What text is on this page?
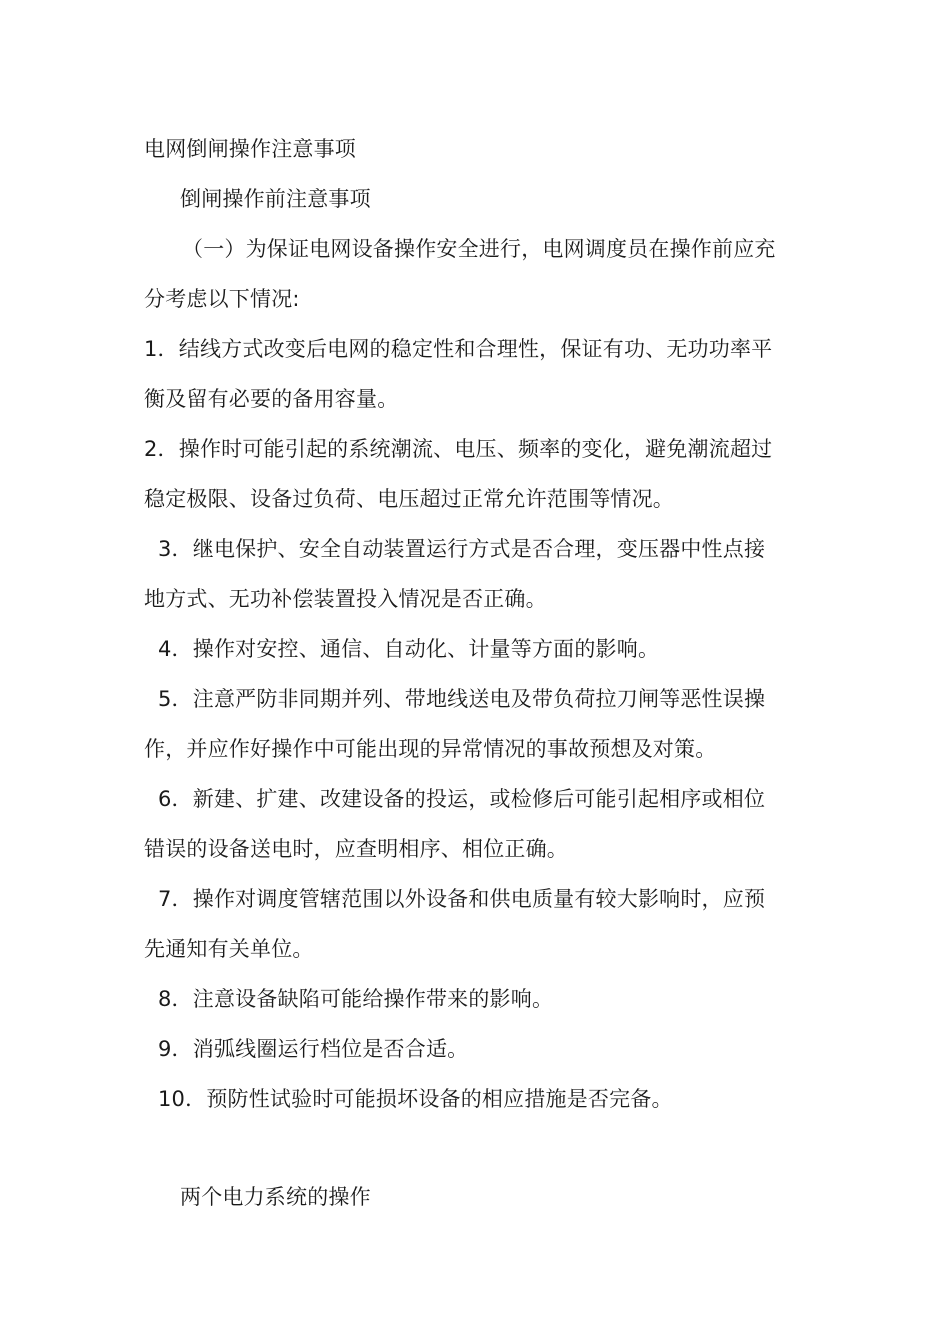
电网倒闸操作注意事项
倒闸操作前注意事项
（一）为保证电网设备操作安全进行，电网调度员在操作前应充
分考虑以下情况:
1．结线方式改变后电网的稳定性和合理性，保证有功、无功功率平
衡及留有必要的备用容量。
2．操作时可能引起的系统潮流、电压、频率的变化，避免潮流超过
稳定极限、设备过负荷、电压超过正常允许范围等情况。
3．继电保护、安全自动装置运行方式是否合理，变压器中性点接
地方式、无功补偿装置投入情况是否正确。
4．操作对安控、通信、自动化、计量等方面的影响。
5．注意严防非同期并列、带地线送电及带负荷拉刀闸等恶性误操
作，并应作好操作中可能出现的异常情况的事故预想及对策。
6．新建、扩建、改建设备的投运，或检修后可能引起相序或相位
错误的设备送电时，应查明相序、相位正确。
7．操作对调度管辖范围以外设备和供电质量有较大影响时，应预
先通知有关单位。
8．注意设备缺陷可能给操作带来的影响。
9．消弧线圈运行档位是否合适。
10．预防性试验时可能损坏设备的相应措施是否完备。
两个电力系统的操作
